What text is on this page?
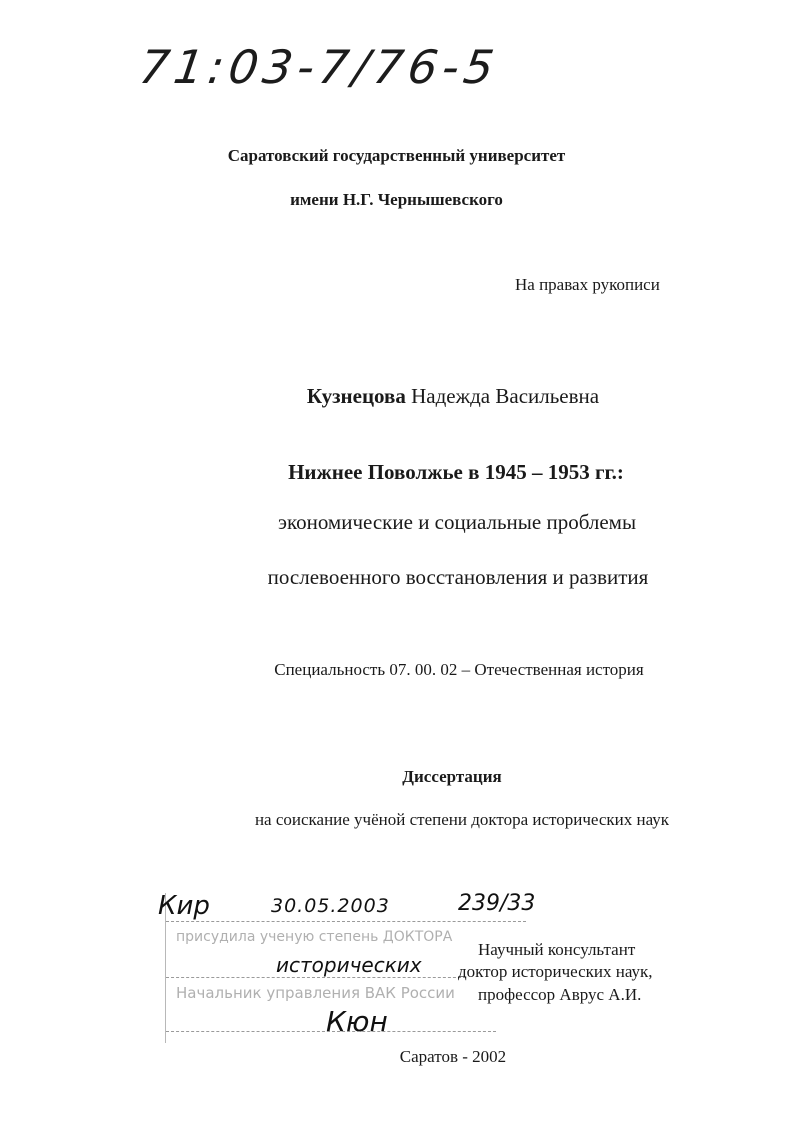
71:03-7/76-5
Саратовский государственный университет
имени Н.Г. Чернышевского
На правах рукописи
Кузнецова Надежда Васильевна
Нижнее Поволжье в 1945 – 1953 гг.:
экономические и социальные проблемы
послевоенного восстановления и развития
Специальность 07. 00. 02 – Отечественная история
Диссертация
на соискание учёной степени доктора исторических наук
Кир	30.05.2003	239/33
присудила ученую степень ДОКТОРА
исторических
Начальник управления ВАК России
Кюн
Научный консультант
доктор исторических наук,
профессор Аврус А.И.
Саратов - 2002
